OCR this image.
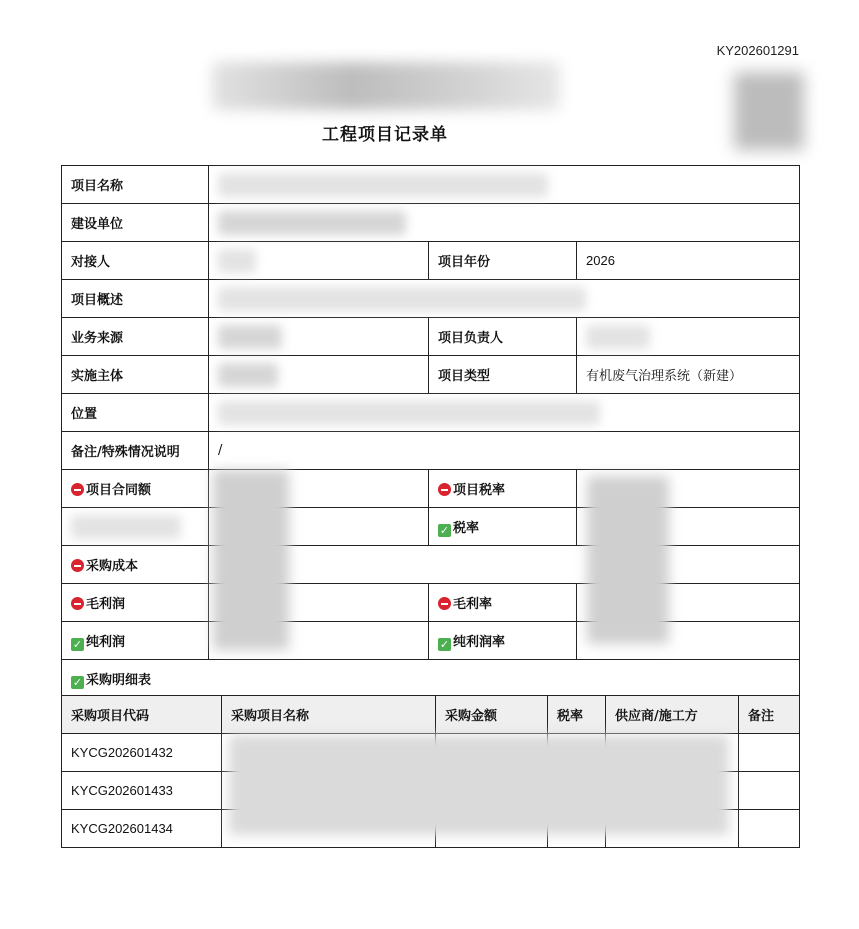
KY202601291
工程项目记录单
项目名称			
建设单位			
对接人		项目年份	2026
项目概述			
业务来源		项目负责人	
实施主体		项目类型	有机废气治理系统（新建）
位置			
备注/特殊情况说明	/		
项目合同额		项目税率	
		✓ 税率	
采购成本			
毛利润		毛利率	
✓ 纯利润		✓ 纯利润率	
✓ 采购明细表			
采购项目代码	采购项目名称	采购金额	税率	供应商/施工方	备注
KYCG202601432					
KYCG202601433					
KYCG202601434					
